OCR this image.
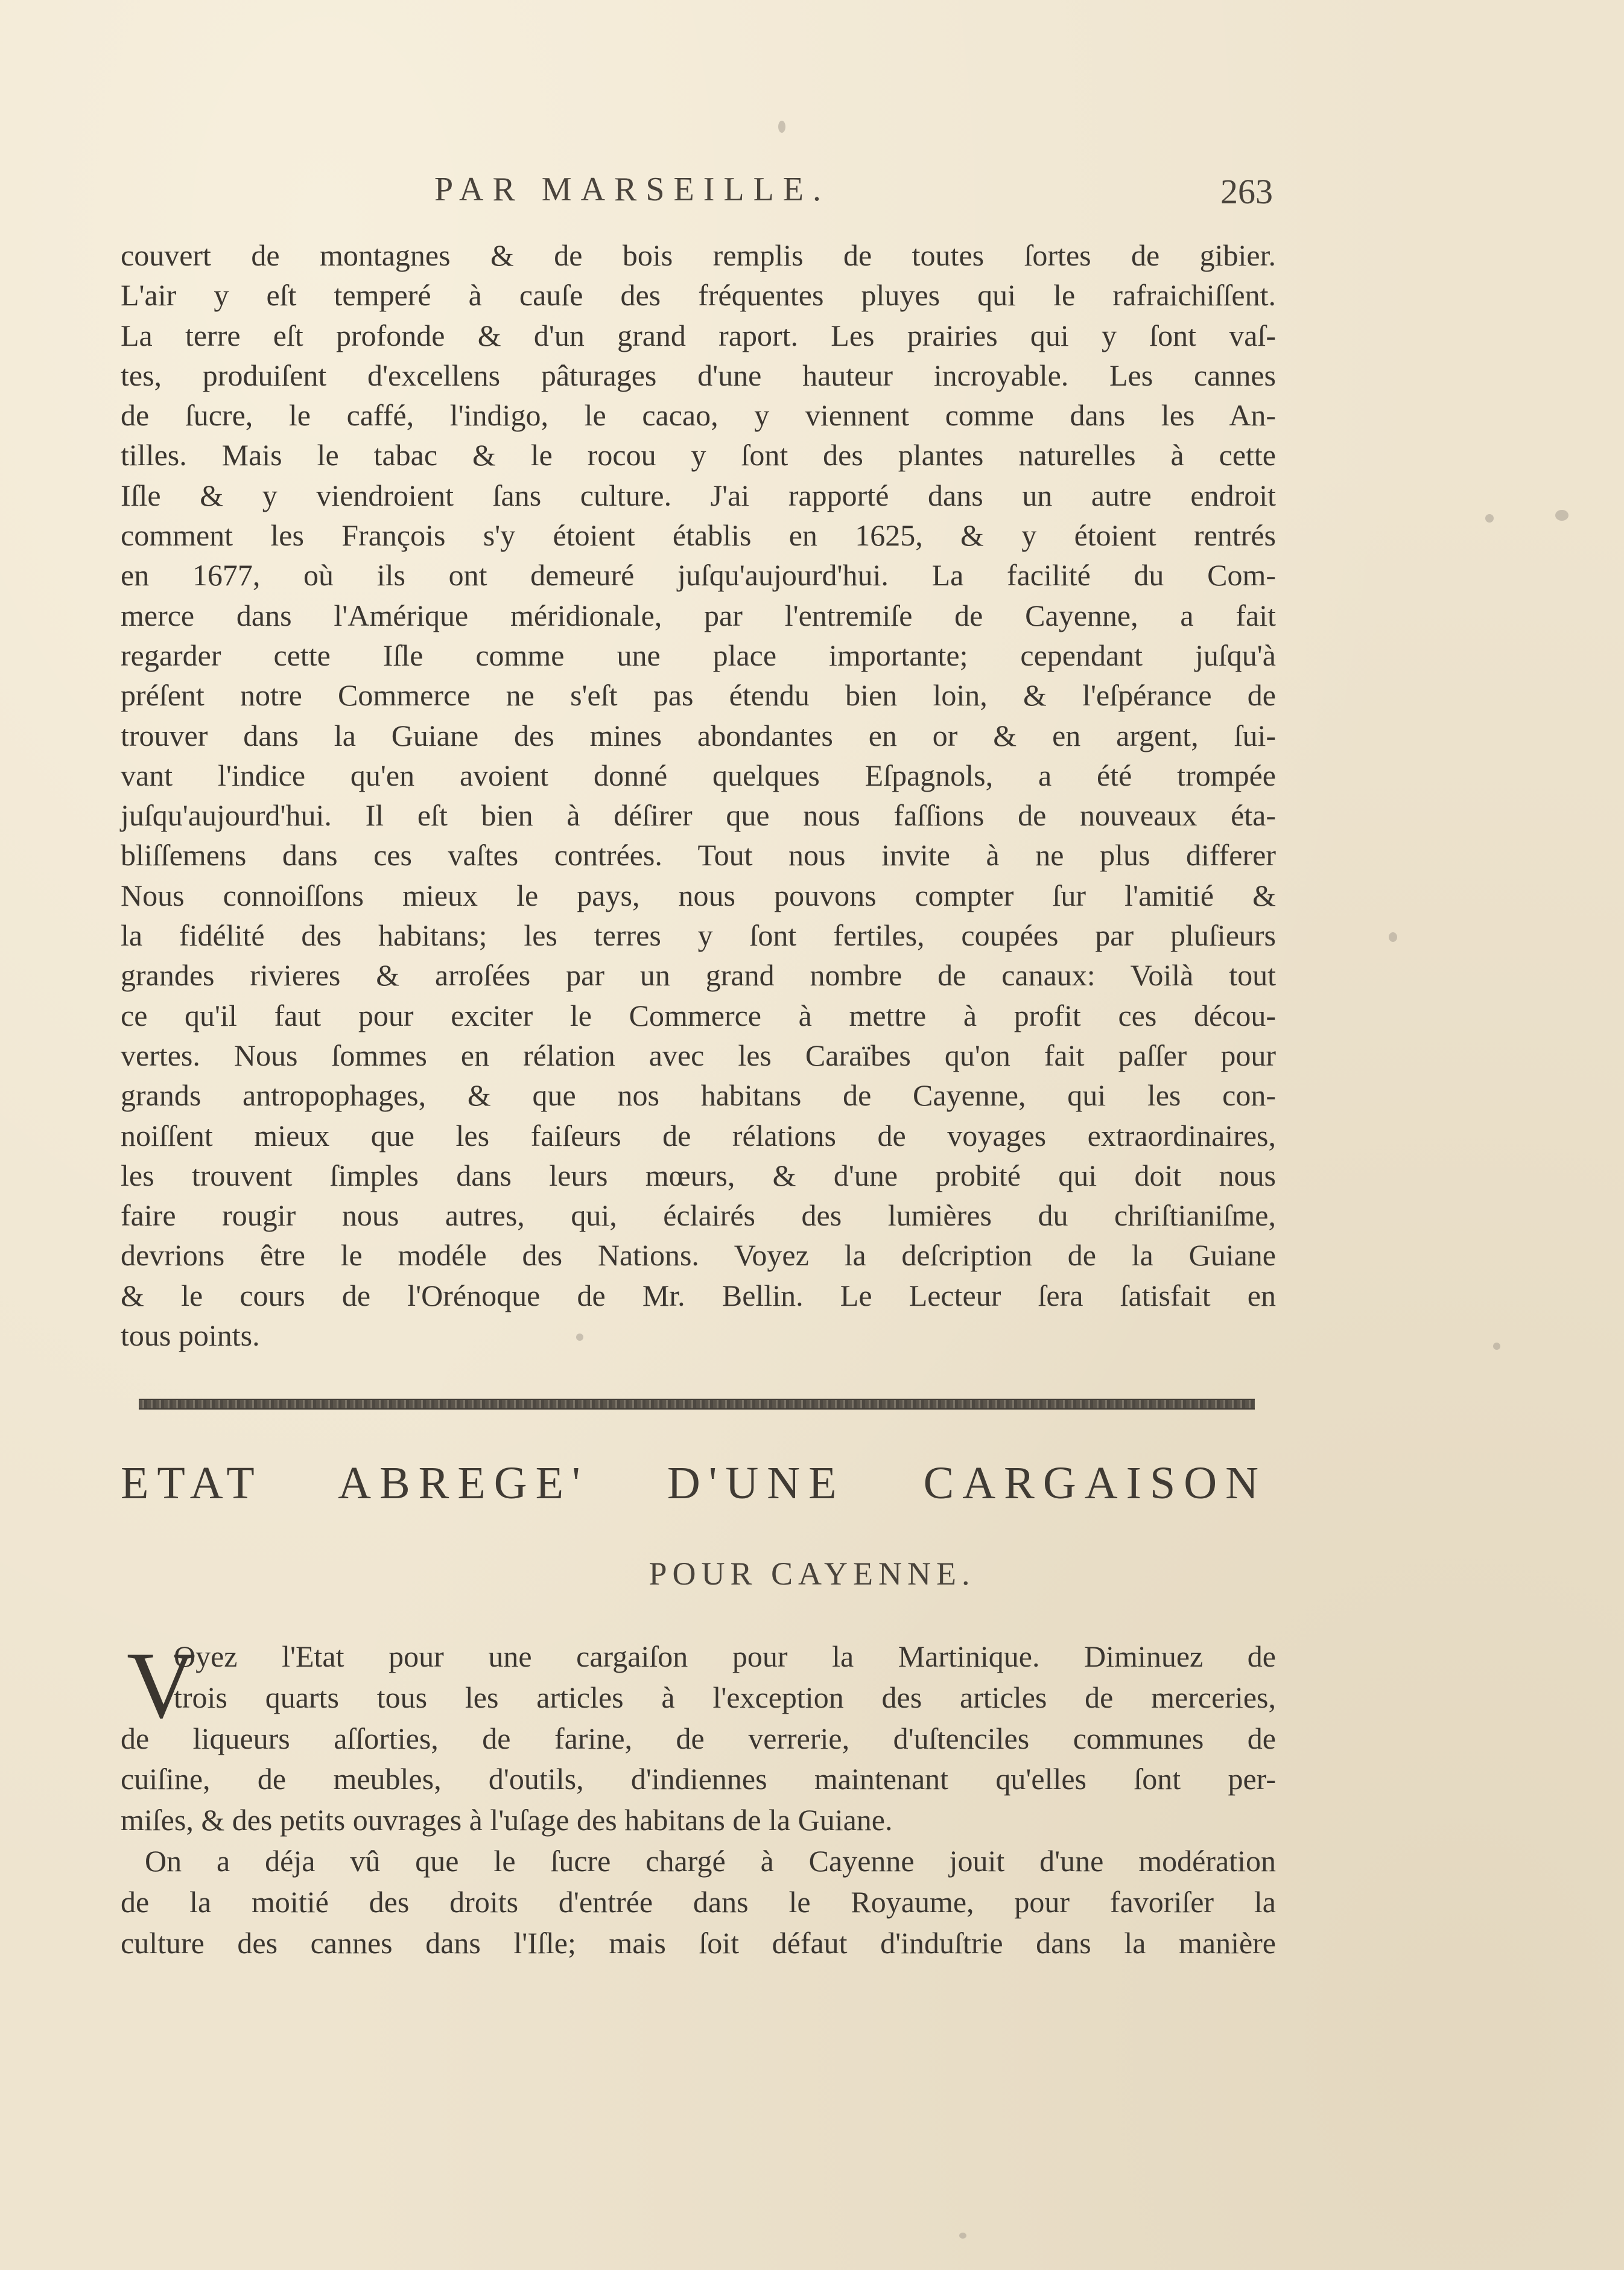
PAR MARSEILLE.	263
couvert de montagnes & de bois remplis de toutes ſortes de gibier.
L'air y eſt temperé à cauſe des fréquentes pluyes qui le rafraichiſſent.
La terre eſt profonde & d'un grand raport. Les prairies qui y ſont vaſ-
tes, produiſent d'excellens pâturages d'une hauteur incroyable. Les cannes
de ſucre, le caffé, l'indigo, le cacao, y viennent comme dans les An-
tilles. Mais le tabac & le rocou y ſont des plantes naturelles à cette
Iſle & y viendroient ſans culture. J'ai rapporté dans un autre endroit
comment les François s'y étoient établis en 1625, & y étoient rentrés
en 1677, où ils ont demeuré juſqu'aujourd'hui. La facilité du Com-
merce dans l'Amérique méridionale, par l'entremiſe de Cayenne, a fait
regarder cette Iſle comme une place importante; cependant juſqu'à
préſent notre Commerce ne s'eſt pas étendu bien loin, & l'eſpérance de
trouver dans la Guiane des mines abondantes en or & en argent, ſui-
vant l'indice qu'en avoient donné quelques Eſpagnols, a été trompée
juſqu'aujourd'hui. Il eſt bien à déſirer que nous faſſions de nouveaux éta-
bliſſemens dans ces vaſtes contrées. Tout nous invite à ne plus differer
Nous connoiſſons mieux le pays, nous pouvons compter ſur l'amitié &
la fidélité des habitans; les terres y ſont fertiles, coupées par pluſieurs
grandes rivieres & arroſées par un grand nombre de canaux: Voilà tout
ce qu'il faut pour exciter le Commerce à mettre à profit ces décou-
vertes. Nous ſommes en rélation avec les Caraïbes qu'on fait paſſer pour
grands antropophages, & que nos habitans de Cayenne, qui les con-
noiſſent mieux que les faiſeurs de rélations de voyages extraordinaires,
les trouvent ſimples dans leurs mœurs, & d'une probité qui doit nous
faire rougir nous autres, qui, éclairés des lumières du chriſtianiſme,
devrions être le modéle des Nations. Voyez la deſcription de la Guiane
& le cours de l'Orénoque de Mr. Bellin. Le Lecteur ſera ſatisfait en
tous points.
ETAT ABREGE' D'UNE CARGAISON
POUR CAYENNE.
V
Oyez l'Etat pour une cargaiſon pour la Martinique. Diminuez de
trois quarts tous les articles à l'exception des articles de merceries,
de liqueurs aſſorties, de farine, de verrerie, d'uſtenciles communes de
cuiſine, de meubles, d'outils, d'indiennes maintenant qu'elles ſont per-
miſes, & des petits ouvrages à l'uſage des habitans de la Guiane.
On a déja vû que le ſucre chargé à Cayenne jouit d'une modération
de la moitié des droits d'entrée dans le Royaume, pour favoriſer la
culture des cannes dans l'Iſle; mais ſoit défaut d'induſtrie dans la manière
